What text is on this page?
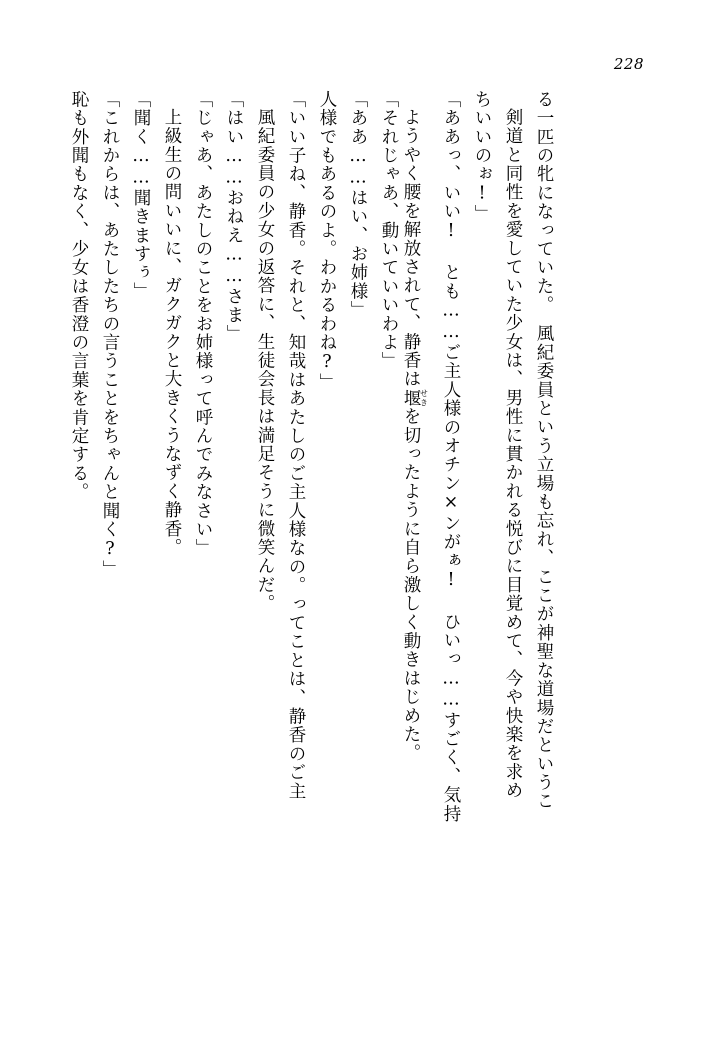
228
恥も外聞もなく、少女は香澄の言葉を肯定する。 「これからは、あたしたちの言うことをちゃんと聞く?」 「聞く……聞きますぅ」 上級生の問いいに、ガクガクと大きくうなずく静香。 「じゃあ、あたしのことをお姉様って呼んでみなさい」 「はい……おねえ……さま」 風紀委員の少女の返答に、生徒会長は満足そうに微笑んだ。 「いい子ね、静香。それと、知哉はあたしのご主人様なの。ってことは、静香のご主 人様でもあるのよ。わかるわね?」 「ああ……はい、お姉様」 「それじゃあ、動いていいわよ」 ようやく腰を解放されて、静香は堰せきを切ったように自ら激しく動きはじめた。	「ああっ、いい! とも……ご主人様のオチン×ンがぁ! ひいっ……すごく、気持 ちいいのぉ!」 剣道と同性を愛していた少女は、男性に貫かれる悦びに目覚めて、今や快楽を求め る一匹の牝になっていた。　風紀委員という立場も忘れ、ここが神聖な道場だというこ
